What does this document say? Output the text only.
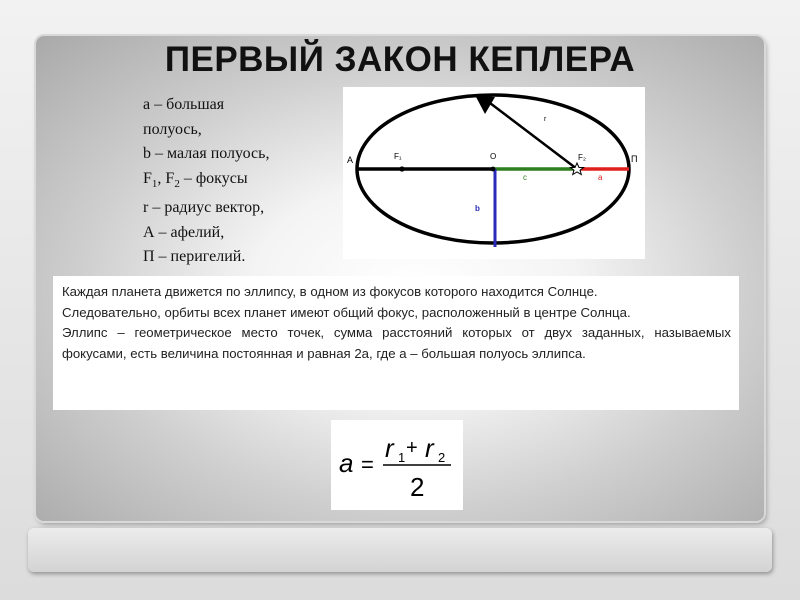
ПЕРВЫЙ ЗАКОН КЕПЛЕРА
а – большая
полуось,
b – малая полуось,
$F_1$, $F_2$ – фокусы
r – радиус вектор,
А – афелий,
П – перигелий.
А	F₁	O	F₂	П
r
c	a
b

Каждая планета движется по эллипсу, в одном из фокусов которого находится Солнце.

Следовательно, орбиты всех планет имеют общий фокус, расположенный в центре Солнца.

Эллипс – геометрическое место точек, сумма расстояний которых от двух заданных, называемых фокусами, есть величина постоянная и равная 2а, где а – большая полуось эллипса.

a =
r 1 + r 2
2
